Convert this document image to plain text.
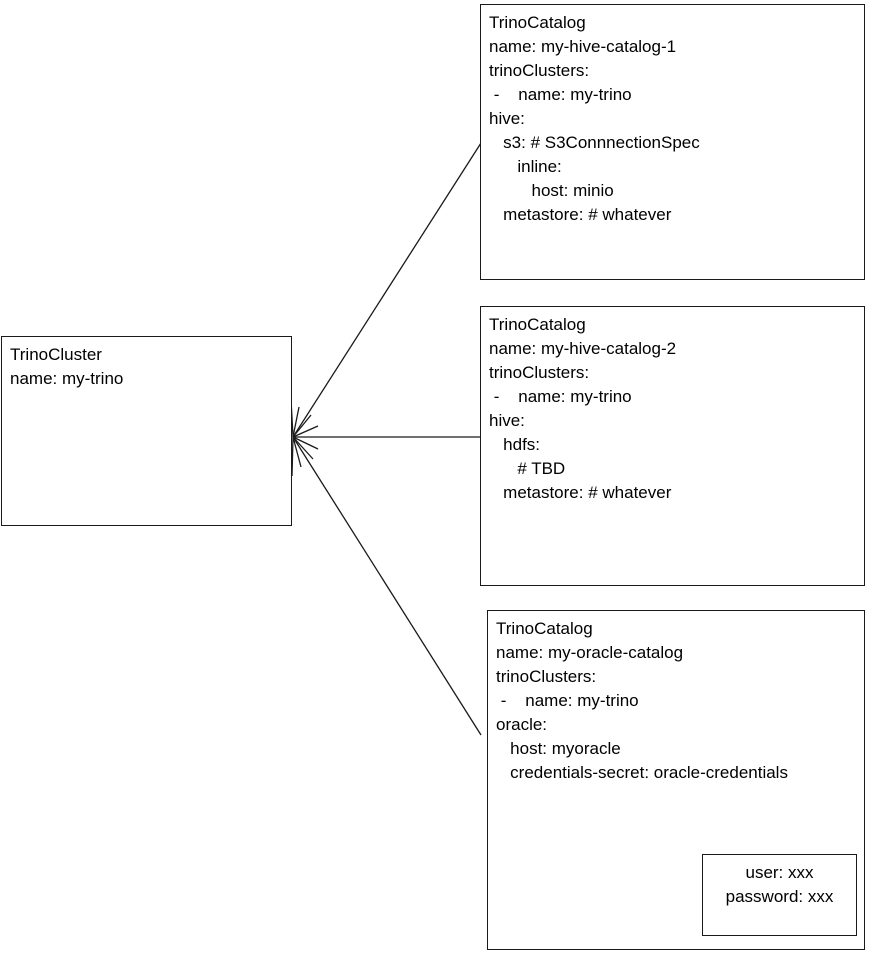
TrinoCluster
name: my-trino
TrinoCatalog
name: my-hive-catalog-1
trinoClusters:
-    name: my-trino
hive:
s3: # S3ConnnectionSpec
inline:
host: minio
metastore: # whatever
TrinoCatalog
name: my-hive-catalog-2
trinoClusters:
-    name: my-trino
hive:
hdfs:
# TBD
metastore: # whatever
TrinoCatalog
name: my-oracle-catalog
trinoClusters:
-    name: my-trino
oracle:
host: myoracle
credentials-secret: oracle-credentials
user: xxx
password: xxx
